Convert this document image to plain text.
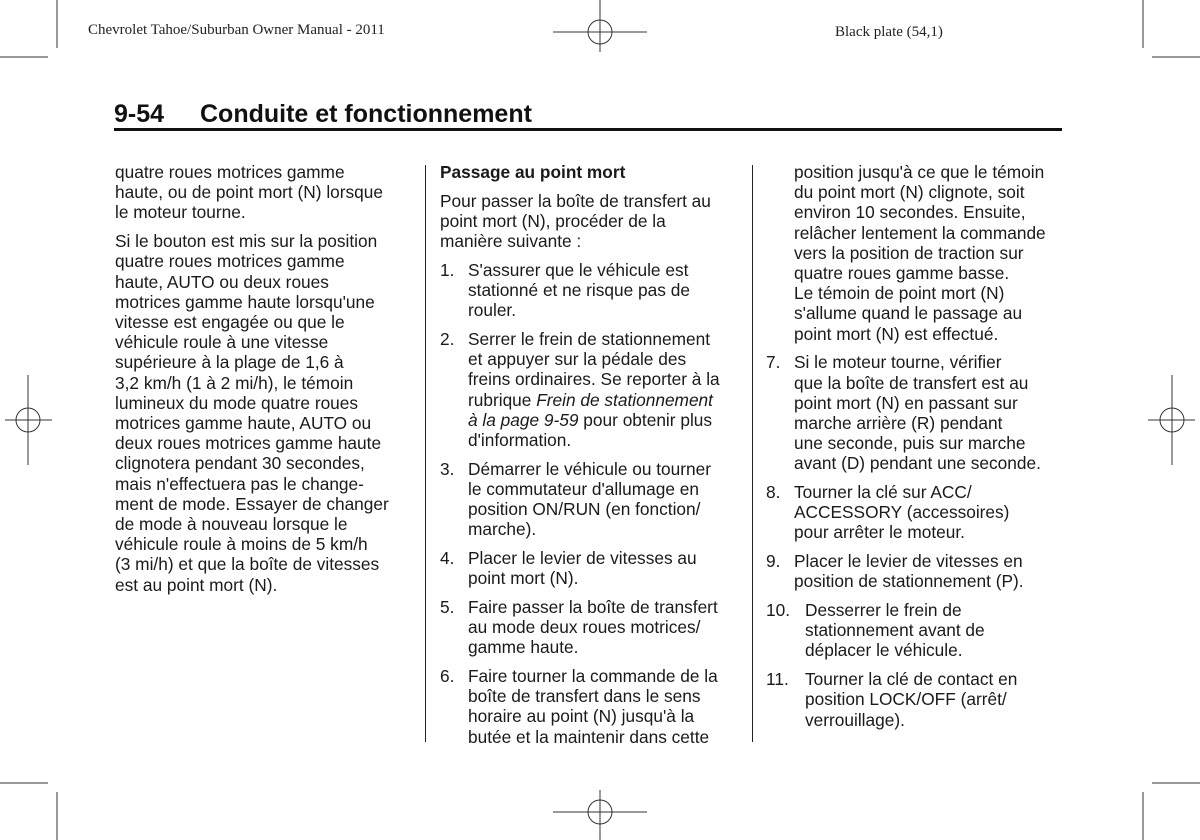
Chevrolet Tahoe/Suburban Owner Manual - 2011	Black plate (54,1)
9-54 Conduite et fonctionnement

quatre roues motrices gamme
haute, ou de point mort (N) lorsque
le moteur tourne.

Si le bouton est mis sur la position
quatre roues motrices gamme
haute, AUTO ou deux roues
motrices gamme haute lorsqu'une
vitesse est engagée ou que le
véhicule roule à une vitesse
supérieure à la plage de 1,6 à
3,2 km/h (1 à 2 mi/h), le témoin
lumineux du mode quatre roues
motrices gamme haute, AUTO ou
deux roues motrices gamme haute
clignotera pendant 30 secondes,
mais n'effectuera pas le change-
ment de mode. Essayer de changer
de mode à nouveau lorsque le
véhicule roule à moins de 5 km/h
(3 mi/h) et que la boîte de vitesses
est au point mort (N).

Passage au point mort

Pour passer la boîte de transfert au
point mort (N), procéder de la
manière suivante :

1. S'assurer que le véhicule est
stationné et ne risque pas de
rouler.
2. Serrer le frein de stationnement
et appuyer sur la pédale des
freins ordinaires. Se reporter à la
rubrique Frein de stationnement
à la page 9‑59 pour obtenir plus
d'information.
3. Démarrer le véhicule ou tourner
le commutateur d'allumage en
position ON/RUN (en fonction/
marche).
4. Placer le levier de vitesses au
point mort (N).
5. Faire passer la boîte de transfert
au mode deux roues motrices/
gamme haute.
6. Faire tourner la commande de la
boîte de transfert dans le sens
horaire au point (N) jusqu'à la
butée et la maintenir dans cette
position jusqu'à ce que le témoin
du point mort (N) clignote, soit
environ 10 secondes. Ensuite,
relâcher lentement la commande
vers la position de traction sur
quatre roues gamme basse.
Le témoin de point mort (N)
s'allume quand le passage au
point mort (N) est effectué.
7. Si le moteur tourne, vérifier
que la boîte de transfert est au
point mort (N) en passant sur
marche arrière (R) pendant
une seconde, puis sur marche
avant (D) pendant une seconde.
8. Tourner la clé sur ACC/
ACCESSORY (accessoires)
pour arrêter le moteur.
9. Placer le levier de vitesses en
position de stationnement (P).
10. Desserrer le frein de
stationnement avant de
déplacer le véhicule.
11. Tourner la clé de contact en
position LOCK/OFF (arrêt/
verrouillage).
